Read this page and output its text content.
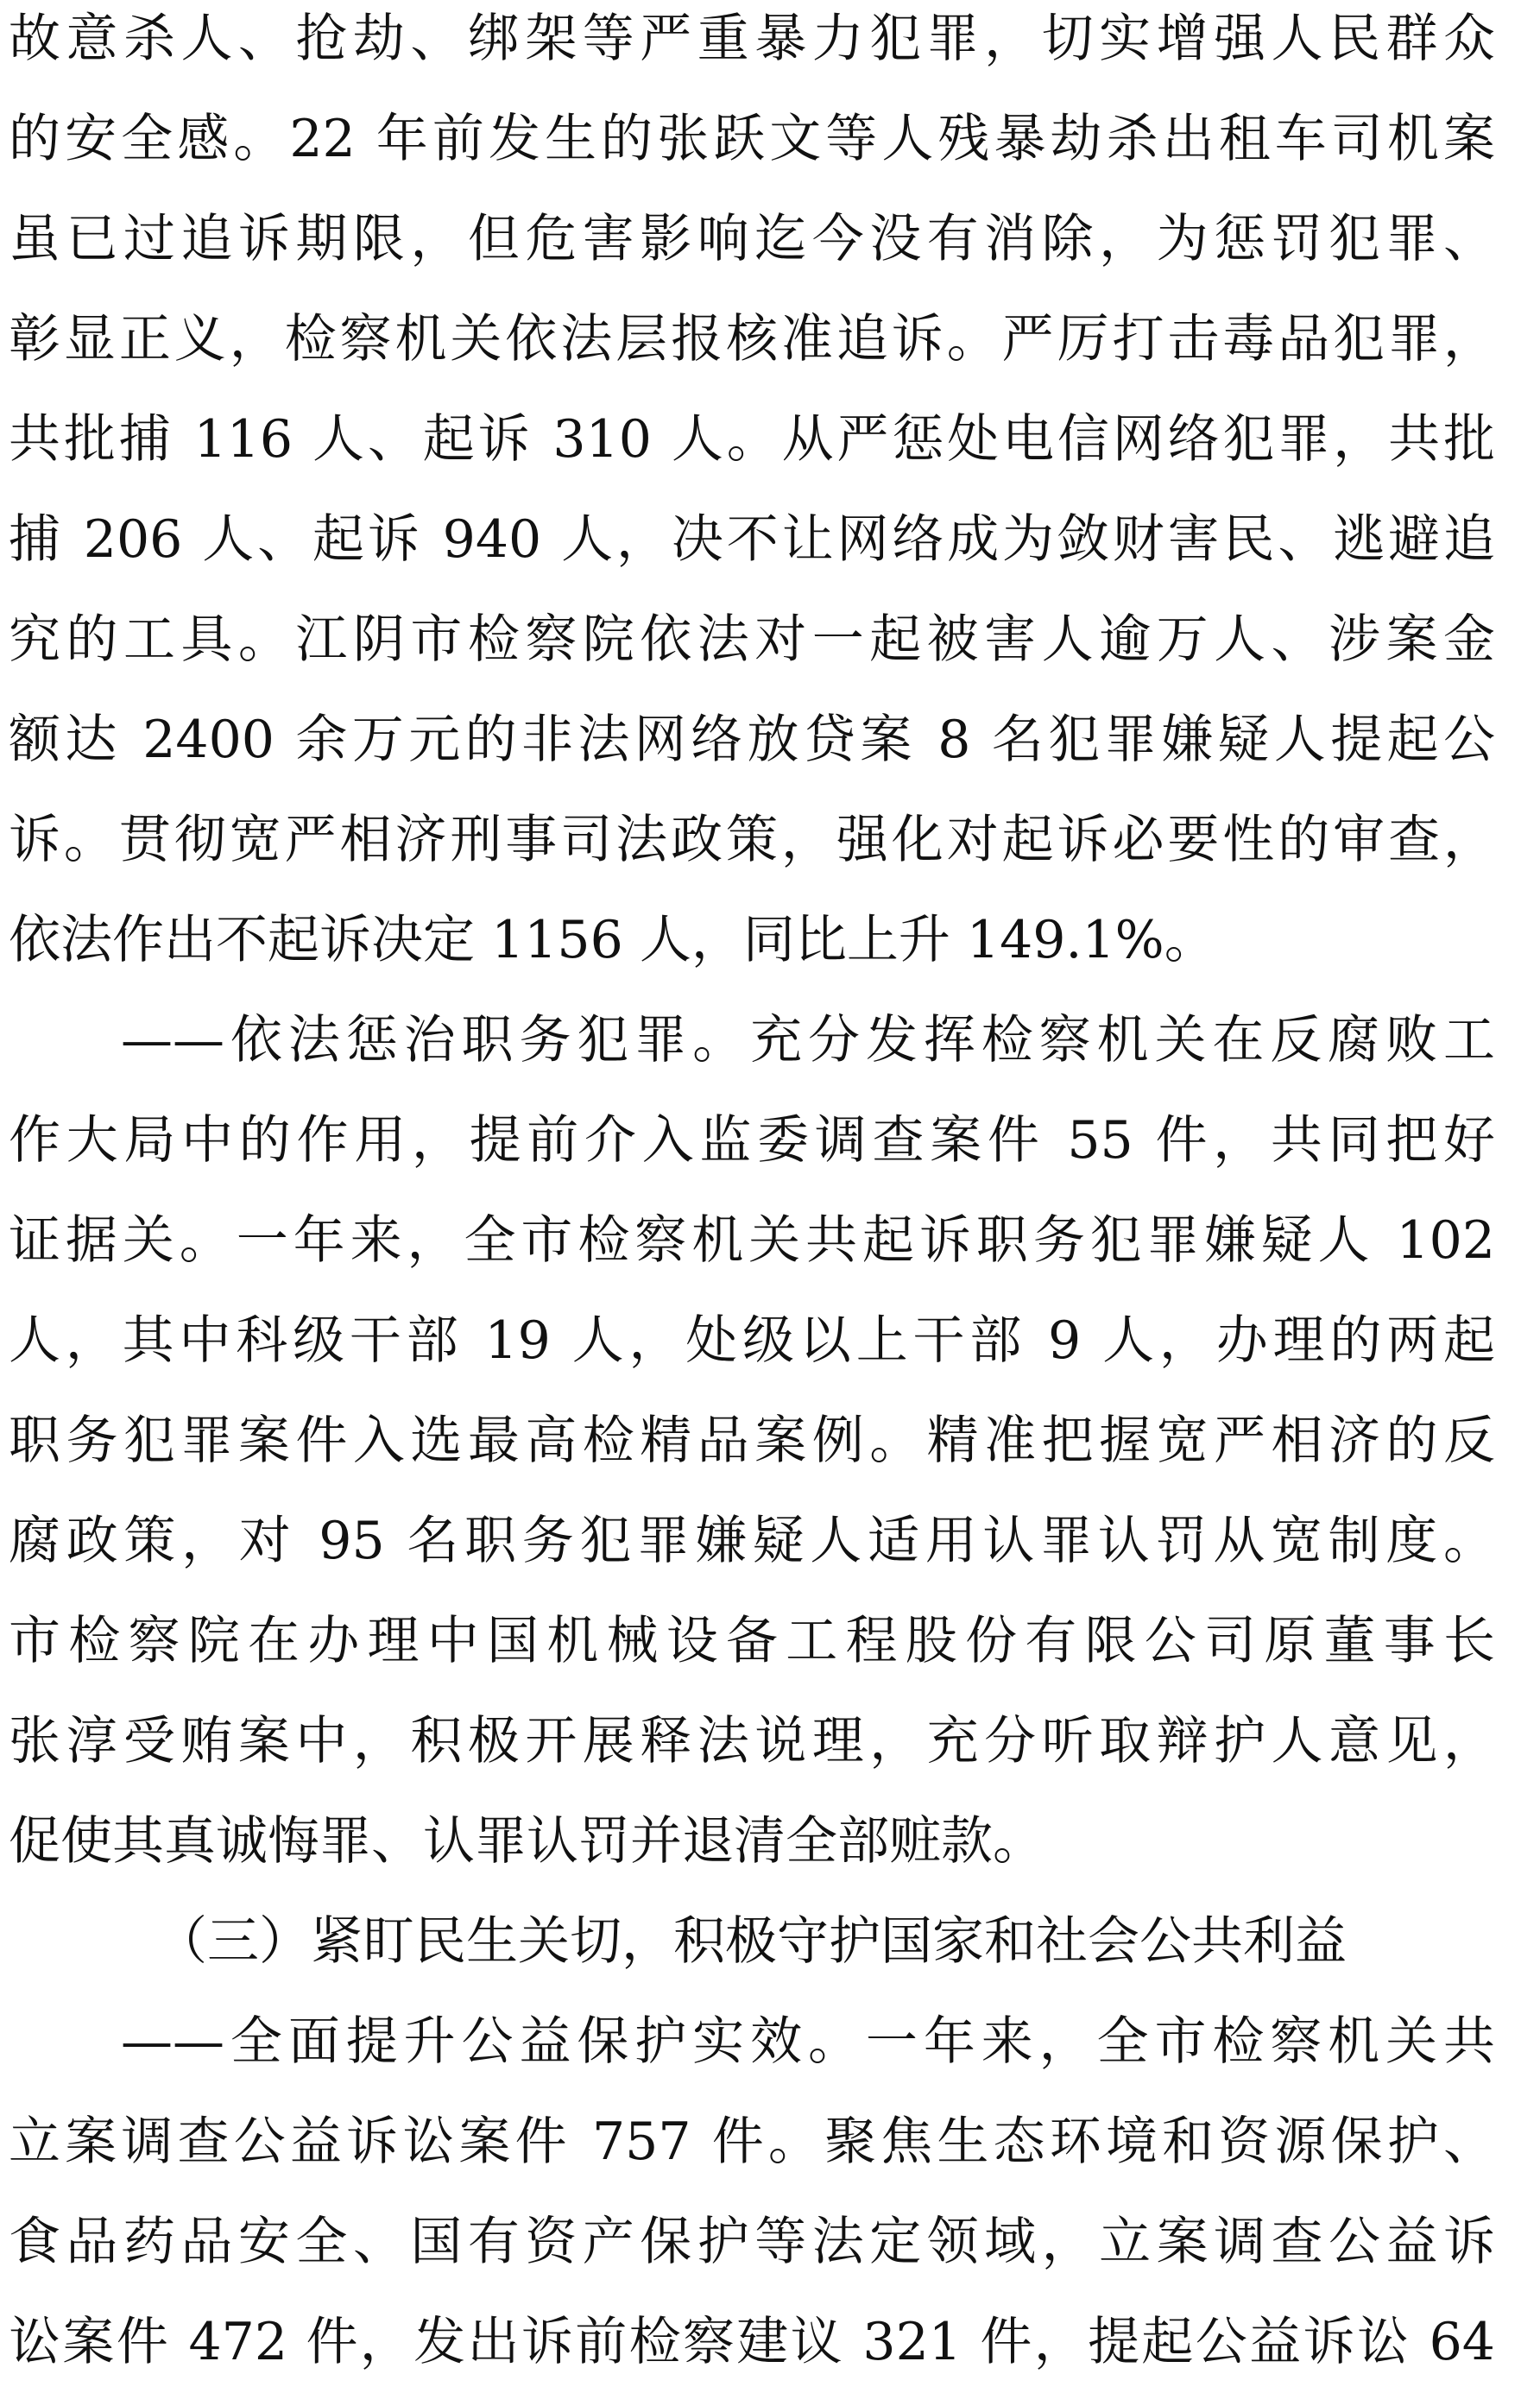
故意杀人、抢劫、绑架等严重暴力犯罪，切实增强人民群众
的安全感。22 年前发生的张跃文等人残暴劫杀出租车司机案
虽已过追诉期限，但危害影响迄今没有消除，为惩罚犯罪、
彰显正义，检察机关依法层报核准追诉。严厉打击毒品犯罪，
共批捕 116 人、起诉 310 人。从严惩处电信网络犯罪，共批
捕 206 人、起诉 940 人，决不让网络成为敛财害民、逃避追
究的工具。江阴市检察院依法对一起被害人逾万人、涉案金
额达 2400 余万元的非法网络放贷案 8 名犯罪嫌疑人提起公
诉。贯彻宽严相济刑事司法政策，强化对起诉必要性的审查，
依法作出不起诉决定 1156 人，同比上升 149.1%。
——依法惩治职务犯罪。充分发挥检察机关在反腐败工
作大局中的作用，提前介入监委调查案件 55 件，共同把好
证据关。一年来，全市检察机关共起诉职务犯罪嫌疑人 102
人，其中科级干部 19 人，处级以上干部 9 人，办理的两起
职务犯罪案件入选最高检精品案例。精准把握宽严相济的反
腐政策，对 95 名职务犯罪嫌疑人适用认罪认罚从宽制度。
市检察院在办理中国机械设备工程股份有限公司原董事长
张淳受贿案中，积极开展释法说理，充分听取辩护人意见，
促使其真诚悔罪、认罪认罚并退清全部赃款。
（三）紧盯民生关切，积极守护国家和社会公共利益
——全面提升公益保护实效。一年来，全市检察机关共
立案调查公益诉讼案件 757 件。聚焦生态环境和资源保护、
食品药品安全、国有资产保护等法定领域，立案调查公益诉
讼案件 472 件，发出诉前检察建议 321 件，提起公益诉讼 64
